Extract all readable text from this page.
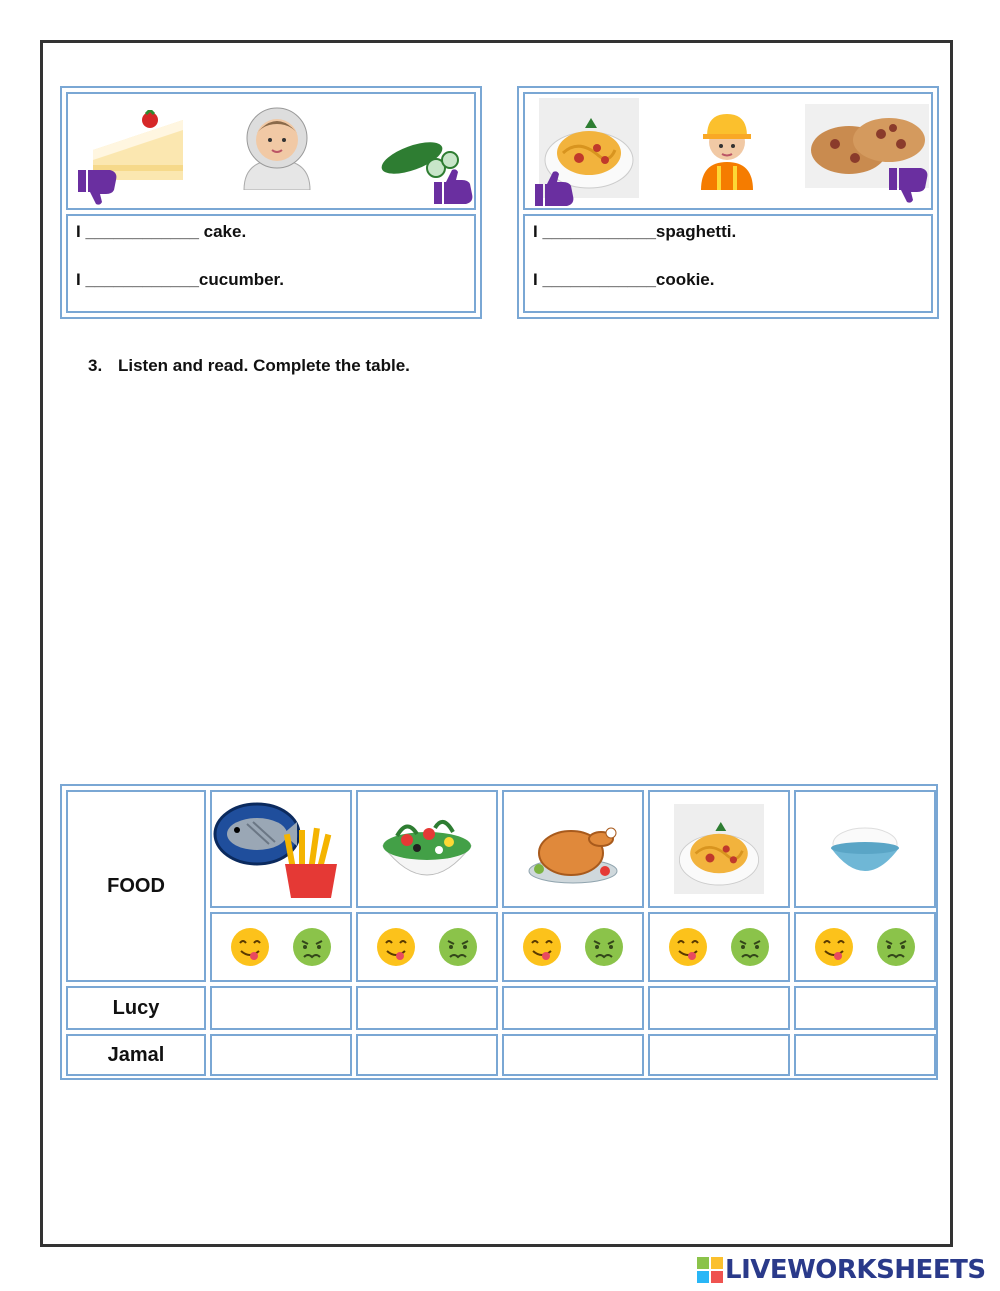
I ____________ cake.
I ____________cucumber.
I ____________spaghetti.
I ____________cookie.
3. Listen and read. Complete the table.
FOOD
Lucy
Jamal
LIVEWORKSHEETS
